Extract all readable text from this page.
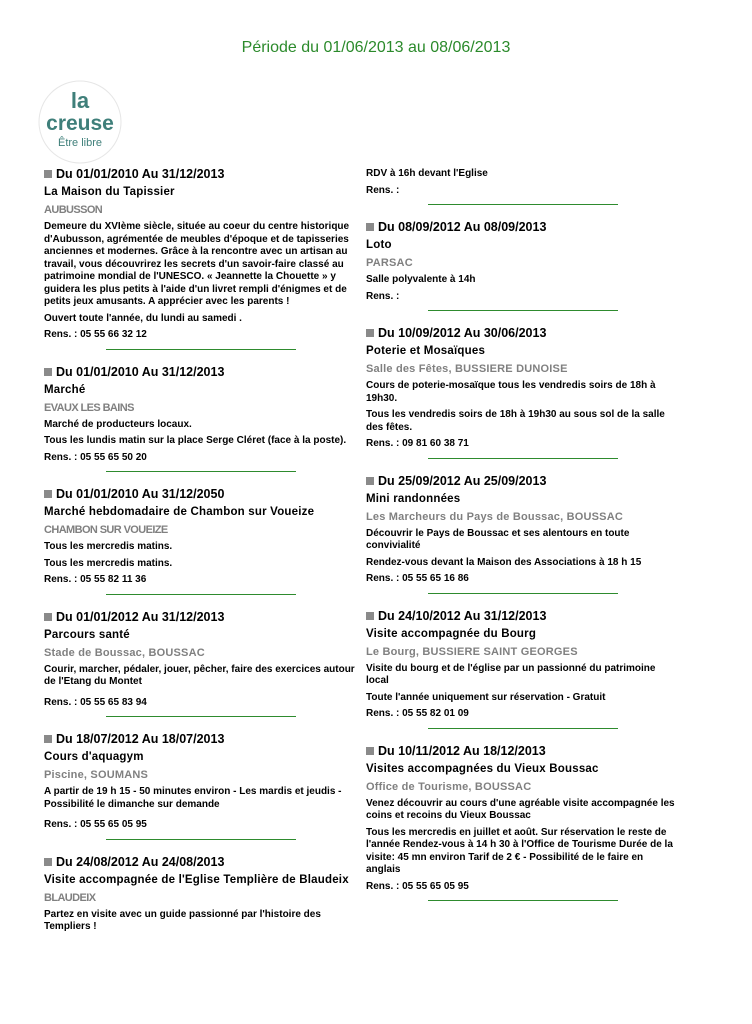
Période du 01/06/2013 au 08/06/2013
la
creuse
Être libre
Du 01/01/2010 Au 31/12/2013
La Maison du Tapissier
AUBUSSON
Demeure du XVIème siècle, située au coeur du centre historique d'Aubusson, agrémentée de meubles d'époque et de tapisseries anciennes et modernes. Grâce à la rencontre avec un artisan au travail, vous découvrirez les secrets d'un savoir-faire classé au patrimoine mondial de l'UNESCO. « Jeannette la Chouette » y guidera les plus petits à l'aide d'un livret rempli d'énigmes et de petits jeux amusants. A apprécier avec les parents !
Ouvert toute l'année, du lundi au samedi .
Rens. : 05 55 66 32 12
Du 01/01/2010 Au 31/12/2013
Marché
EVAUX LES BAINS
Marché de producteurs locaux.
Tous les lundis matin sur la place Serge Cléret (face à la poste).
Rens. : 05 55 65 50 20
Du 01/01/2010 Au 31/12/2050
Marché hebdomadaire de Chambon sur Voueize
CHAMBON SUR VOUEIZE
Tous les mercredis matins.
Tous les mercredis matins.
Rens. : 05 55 82 11 36
Du 01/01/2012 Au 31/12/2013
Parcours santé
Stade de Boussac, BOUSSAC
Courir, marcher, pédaler, jouer, pêcher, faire des exercices autour de l'Etang du Montet
Rens. : 05 55 65 83 94
Du 18/07/2012 Au 18/07/2013
Cours d'aquagym
Piscine, SOUMANS
A partir de 19 h 15 - 50 minutes environ - Les mardis et jeudis - Possibilité le dimanche sur demande
Rens. : 05 55 65 05 95
Du 24/08/2012 Au 24/08/2013
Visite accompagnée de l'Eglise Templière de Blaudeix
BLAUDEIX
Partez en visite avec un guide passionné par l'histoire des Templiers !
RDV à 16h devant l'Eglise
Rens. :
Du 08/09/2012 Au 08/09/2013
Loto
PARSAC
Salle polyvalente à 14h
Rens. :
Du 10/09/2012 Au 30/06/2013
Poterie et Mosaïques
Salle des Fêtes, BUSSIERE DUNOISE
Cours de poterie-mosaïque tous les vendredis soirs de 18h à 19h30.
Tous les vendredis soirs de 18h à 19h30 au sous sol de la salle des fêtes.
Rens. : 09 81 60 38 71
Du 25/09/2012 Au 25/09/2013
Mini randonnées
Les Marcheurs du Pays de Boussac, BOUSSAC
Découvrir le Pays de Boussac et ses alentours en toute convivialité
Rendez-vous devant la Maison des Associations à 18 h 15
Rens. : 05 55 65 16 86
Du 24/10/2012 Au 31/12/2013
Visite accompagnée du Bourg
Le Bourg, BUSSIERE SAINT GEORGES
Visite du bourg et de l'église par un passionné du patrimoine local
Toute l'année uniquement sur réservation - Gratuit
Rens. : 05 55 82 01 09
Du 10/11/2012 Au 18/12/2013
Visites accompagnées du Vieux Boussac
Office de Tourisme, BOUSSAC
Venez découvrir au cours d'une agréable visite accompagnée les coins et recoins du Vieux Boussac
Tous les mercredis en juillet et août. Sur réservation le reste de l'année Rendez-vous à 14 h 30 à l'Office de Tourisme Durée de la visite: 45 mn environ Tarif de 2 € - Possibilité de le faire en anglais
Rens. : 05 55 65 05 95
